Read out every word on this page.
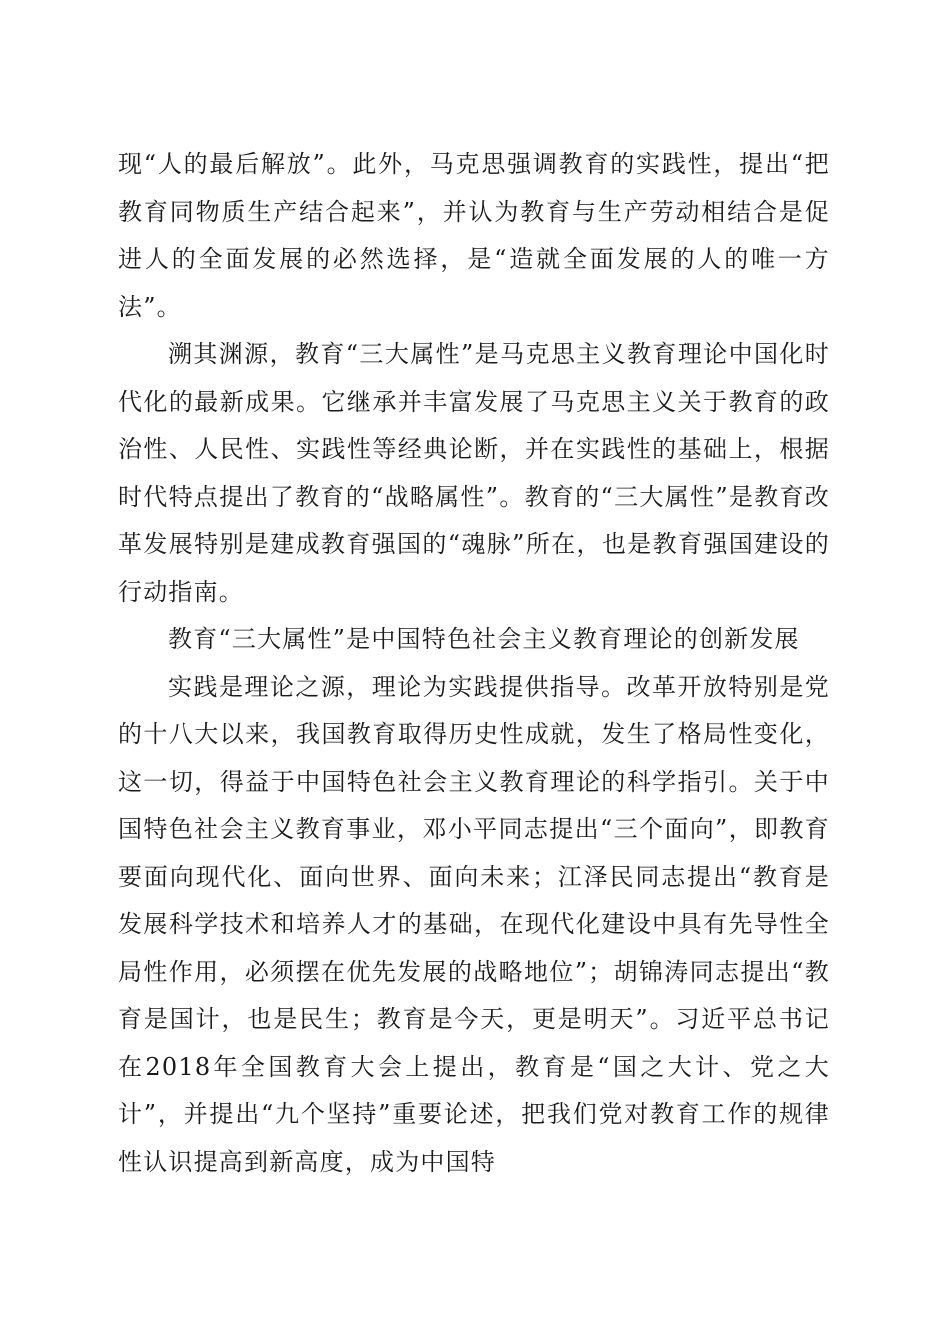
现“人的最后解放”。此外，马克思强调教育的实践性，提出“把教育同物质生产结合起来”，并认为教育与生产劳动相结合是促进人的全面发展的必然选择，是“造就全面发展的人的唯一方法”。

溯其渊源，教育“三大属性”是马克思主义教育理论中国化时代化的最新成果。它继承并丰富发展了马克思主义关于教育的政治性、人民性、实践性等经典论断，并在实践性的基础上，根据时代特点提出了教育的“战略属性”。教育的“三大属性”是教育改革发展特别是建成教育强国的“魂脉”所在，也是教育强国建设的行动指南。

教育“三大属性”是中国特色社会主义教育理论的创新发展

实践是理论之源，理论为实践提供指导。改革开放特别是党的十八大以来，我国教育取得历史性成就，发生了格局性变化，这一切，得益于中国特色社会主义教育理论的科学指引。关于中国特色社会主义教育事业，邓小平同志提出“三个面向”，即教育要面向现代化、面向世界、面向未来；江泽民同志提出“教育是发展科学技术和培养人才的基础，在现代化建设中具有先导性全局性作用，必须摆在优先发展的战略地位”；胡锦涛同志提出“教育是国计，也是民生；教育是今天，更是明天”。习近平总书记在2018年全国教育大会上提出，教育是“国之大计、党之大计”，并提出“九个坚持”重要论述，把我们党对教育工作的规律性认识提高到新高度，成为中国特
